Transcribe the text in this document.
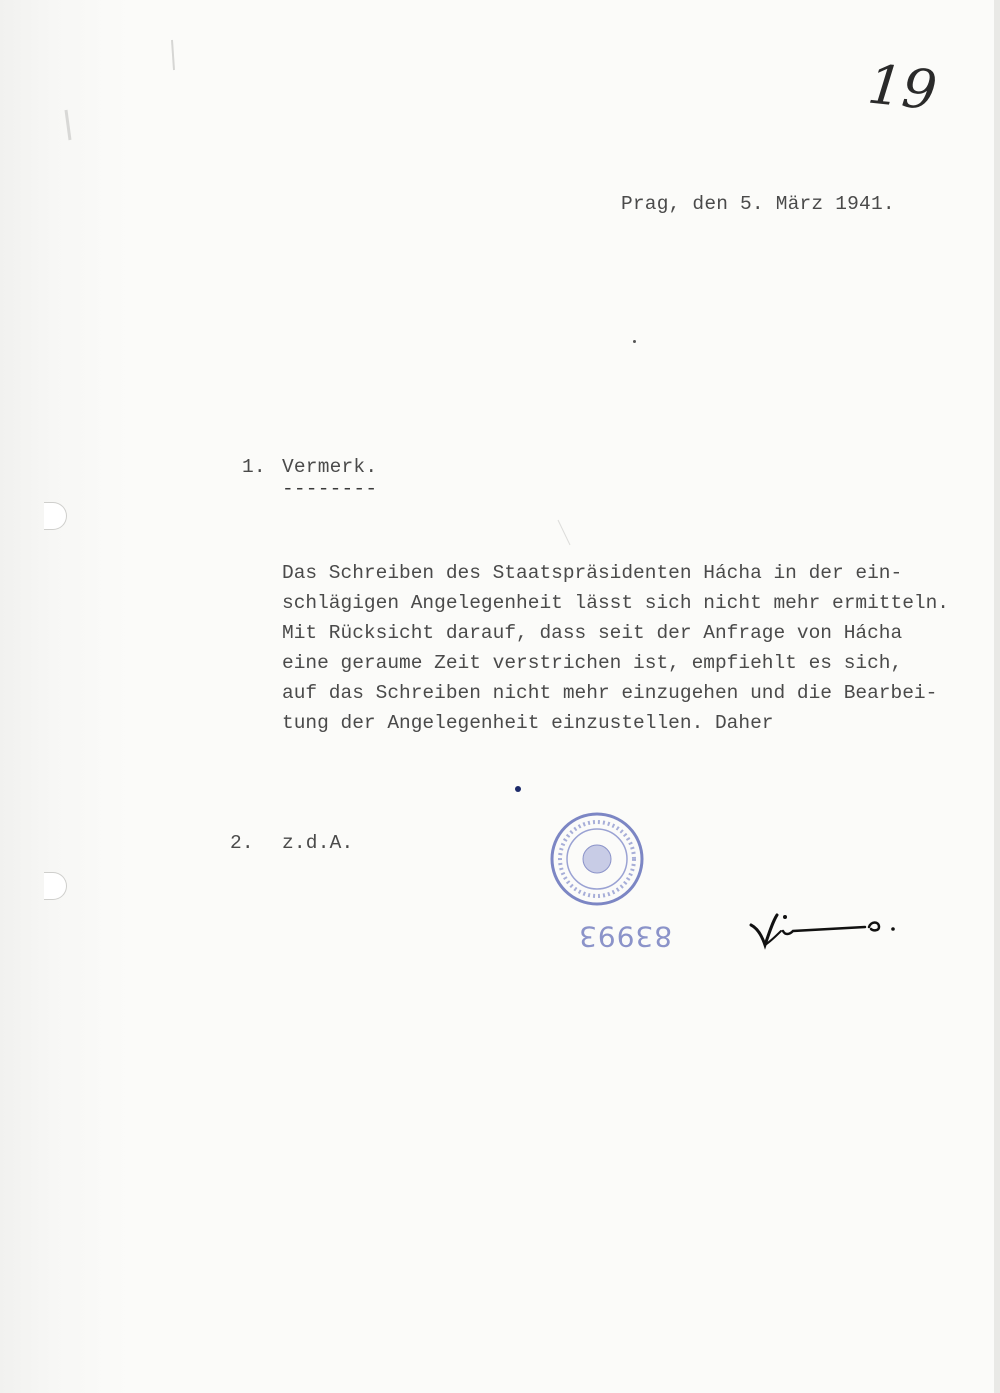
19
Prag, den 5. März 1941.
1. Vermerk.
--------
Das Schreiben des Staatspräsidenten Hácha in der ein-
schlägigen Angelegenheit lässt sich nicht mehr ermitteln.
Mit Rücksicht darauf, dass seit der Anfrage von Hácha
eine geraume Zeit verstrichen ist, empfiehlt es sich,
auf das Schreiben nicht mehr einzugehen und die Bearbei-
tung der Angelegenheit einzustellen. Daher
2. z.d.A.
83993
